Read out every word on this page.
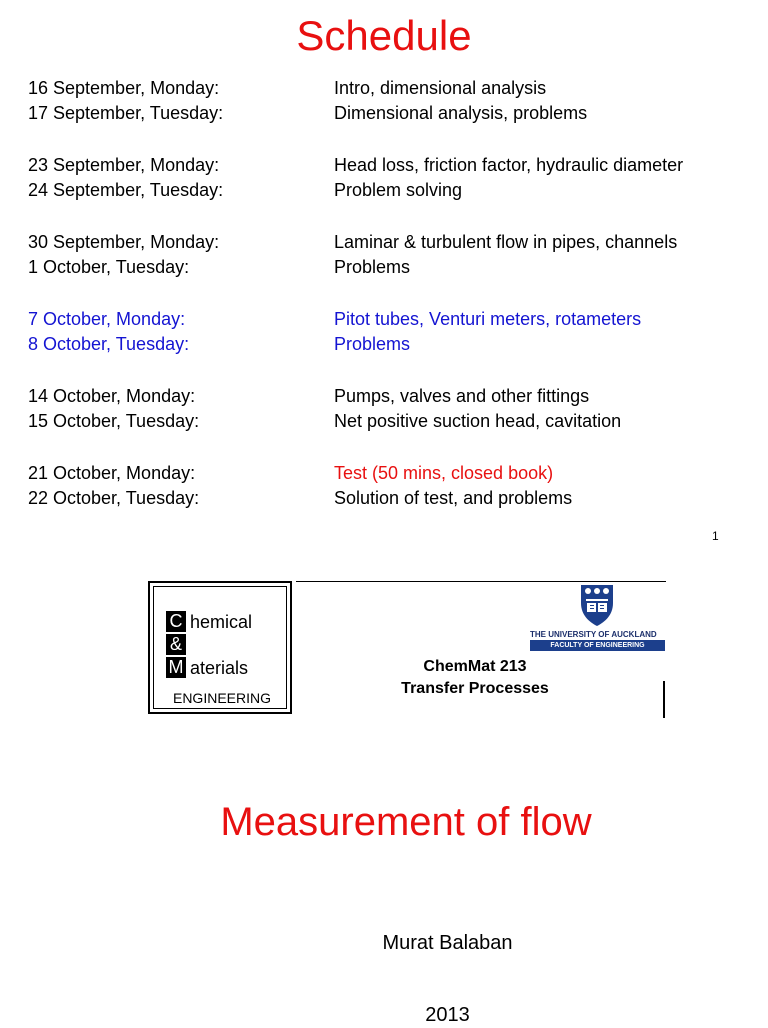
Schedule
16 September, Monday:	Intro, dimensional analysis
17 September, Tuesday:	Dimensional analysis, problems
23 September, Monday:	Head loss, friction factor, hydraulic diameter
24 September, Tuesday:	Problem solving
30 September, Monday:	Laminar & turbulent flow in pipes, channels
1 October, Tuesday:	Problems
7 October, Monday:	Pitot tubes, Venturi meters, rotameters
8 October, Tuesday:	Problems
14 October, Monday:	Pumps, valves and other fittings
15 October, Tuesday:	Net positive suction head, cavitation
21 October, Monday:	Test (50 mins, closed book)
22 October, Tuesday:	Solution of test, and problems
1
C hemical
&
M aterials
ENGINEERING
ChemMat 213
Transfer Processes
THE UNIVERSITY OF AUCKLAND
FACULTY OF ENGINEERING
Measurement of flow
Murat Balaban
2013
